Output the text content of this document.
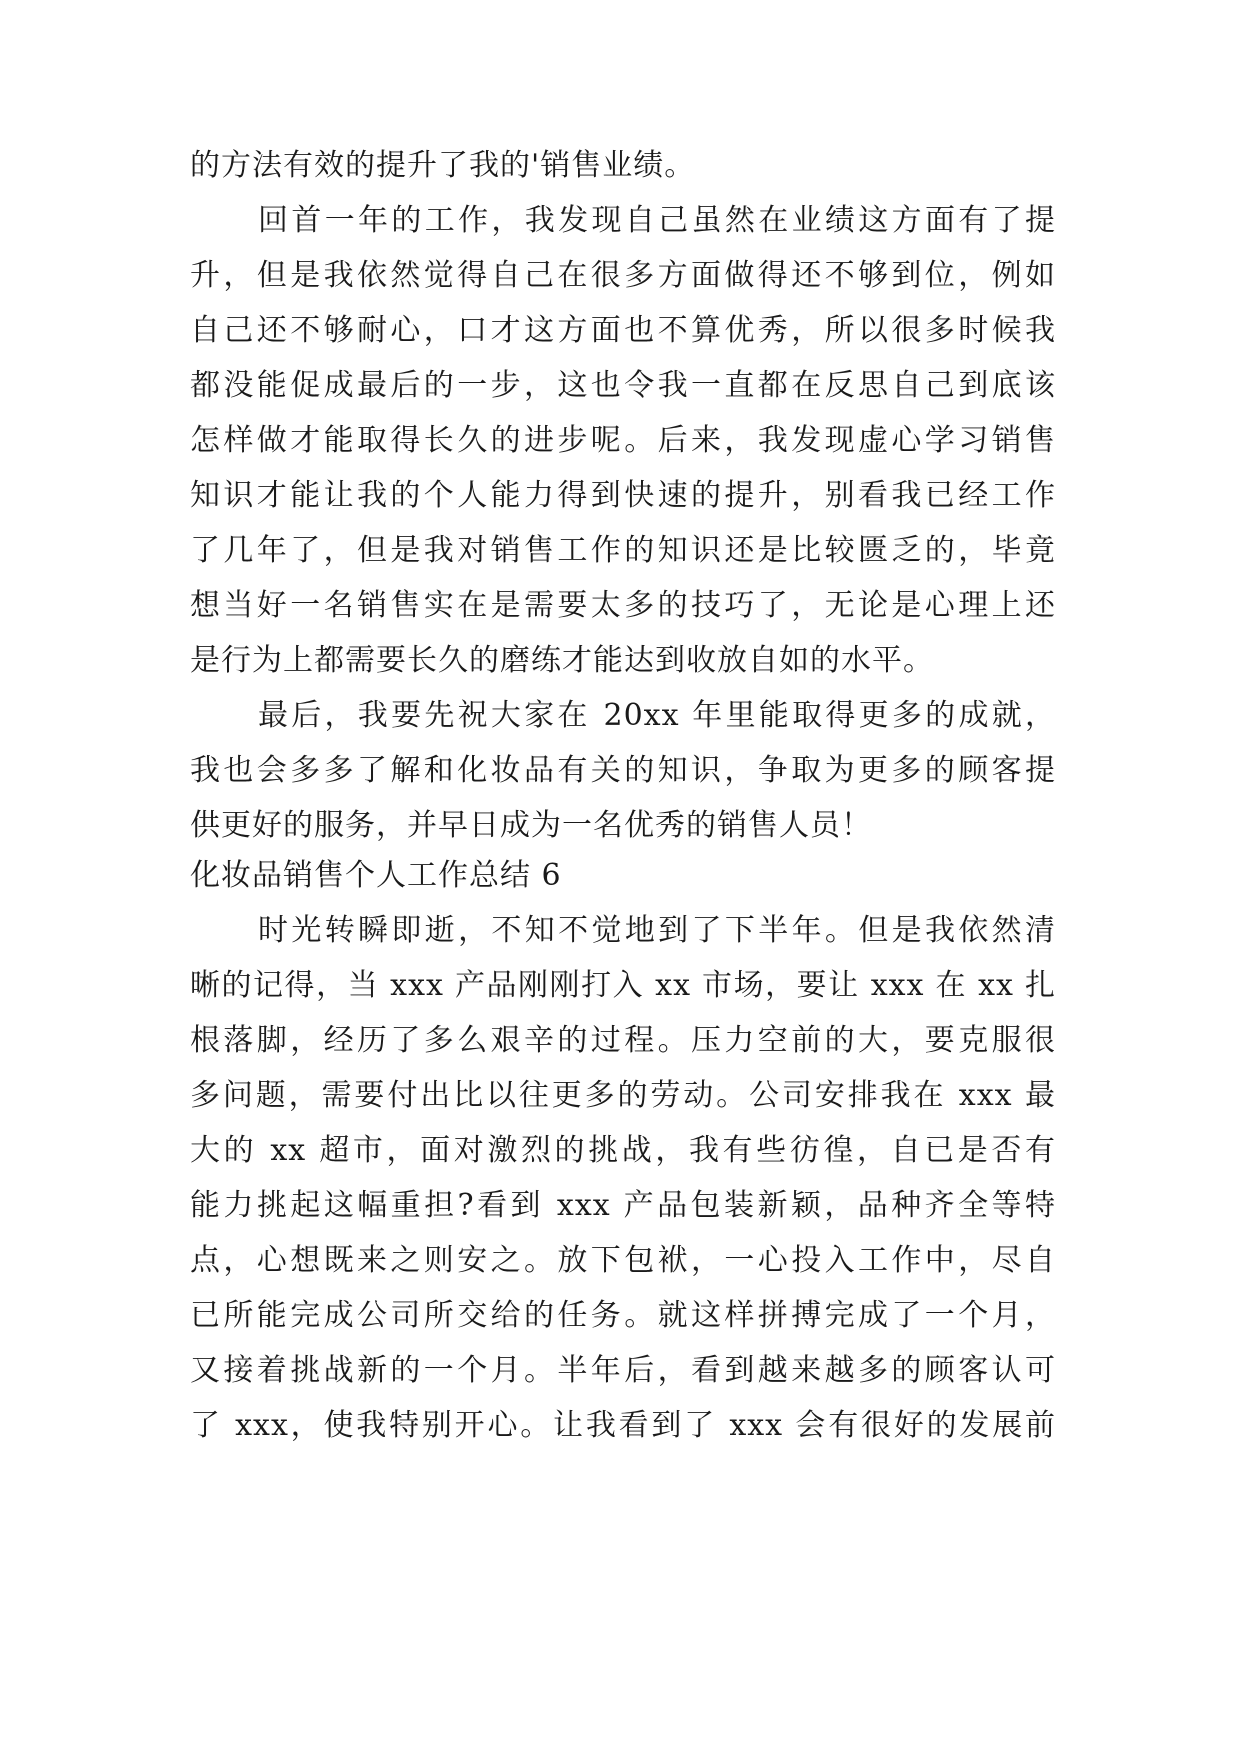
的方法有效的提升了我的'销售业绩。
回首一年的工作，我发现自己虽然在业绩这方面有了提
升，但是我依然觉得自己在很多方面做得还不够到位，例如
自己还不够耐心，口才这方面也不算优秀，所以很多时候我
都没能促成最后的一步，这也令我一直都在反思自己到底该
怎样做才能取得长久的进步呢。后来，我发现虚心学习销售
知识才能让我的个人能力得到快速的提升，别看我已经工作
了几年了，但是我对销售工作的知识还是比较匮乏的，毕竟
想当好一名销售实在是需要太多的技巧了，无论是心理上还
是行为上都需要长久的磨练才能达到收放自如的水平。
最后，我要先祝大家在 20xx 年里能取得更多的成就，
我也会多多了解和化妆品有关的知识，争取为更多的顾客提
供更好的服务，并早日成为一名优秀的销售人员！
化妆品销售个人工作总结 6
时光转瞬即逝，不知不觉地到了下半年。但是我依然清
晰的记得，当 xxx 产品刚刚打入 xx 市场，要让 xxx 在 xx 扎
根落脚，经历了多么艰辛的过程。压力空前的大，要克服很
多问题，需要付出比以往更多的劳动。公司安排我在 xxx 最
大的 xx 超市，面对激烈的挑战，我有些彷徨，自已是否有
能力挑起这幅重担?看到 xxx 产品包装新颖，品种齐全等特
点，心想既来之则安之。放下包袱，一心投入工作中，尽自
已所能完成公司所交给的任务。就这样拼搏完成了一个月，
又接着挑战新的一个月。半年后，看到越来越多的顾客认可
了 xxx，使我特别开心。让我看到了 xxx 会有很好的发展前
